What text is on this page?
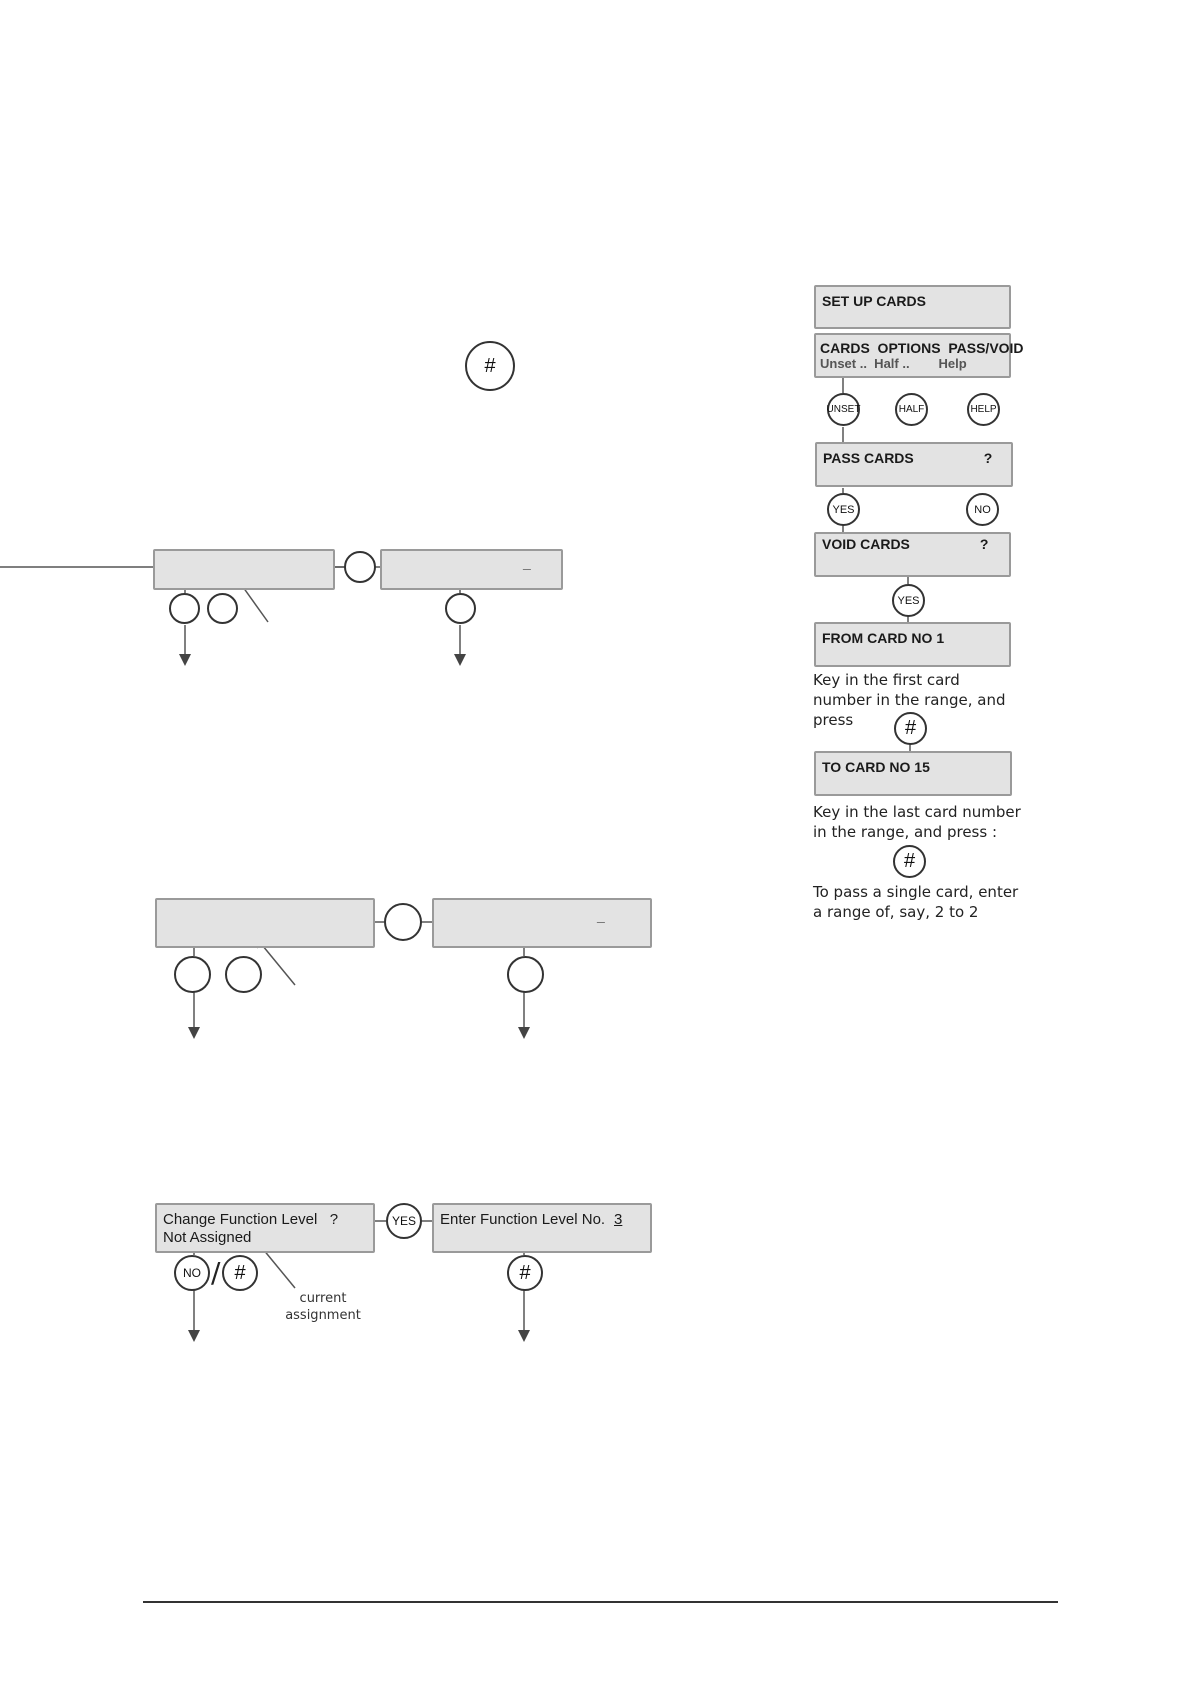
#
_
_
Change Function Level   ?
Not Assigned
YES	Enter Function Level No. 3
NO / #	#
current assignment
SET UP CARDS
CARDS  OPTIONS  PASS/VOID
Unset ..  Half ..        Help
UNSET	HALF	HELP
PASS CARDS                  ?
YES	NO
VOID CARDS                  ?
YES
FROM CARD NO 1
Key in the first card number in the range, and press	#
TO CARD NO 15
Key in the last card number in the range, and press :
#
To pass a single card, enter a range of, say, 2 to 2
